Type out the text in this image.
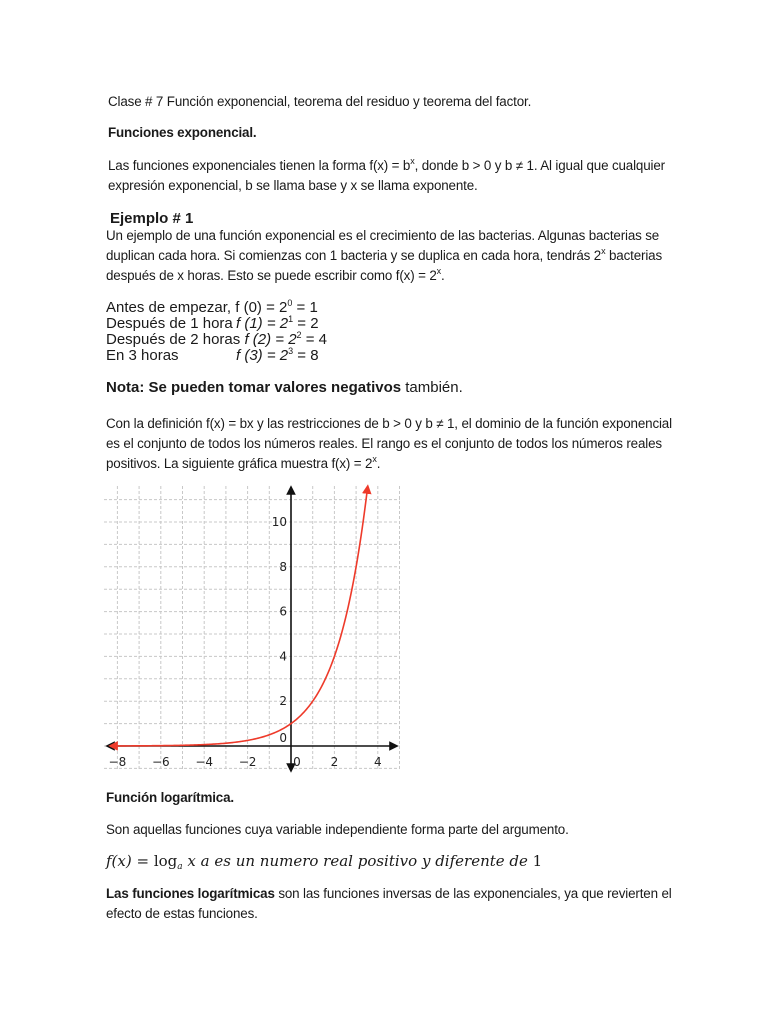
Clase # 7 Función exponencial, teorema del residuo y teorema del factor.
Funciones exponencial.
Las funciones exponenciales tienen la forma $f(x) = b^x$, donde b > 0 y b ≠ 1. Al igual que cualquier
expresión exponencial, b se llama base y x se llama exponente.
Ejemplo # 1
Un ejemplo de una función exponencial es el crecimiento de las bacterias. Algunas bacterias se
duplican cada hora. Si comienzas con 1 bacteria y se duplica en cada hora, tendrás 2$^x$ bacterias
después de x horas. Esto se puede escribir como $f(x) = 2^x$.
Antes de empezar, f $(0) = 2^0 = 1$
Después de 1 hora f $(1) = 2^1 = 2$
Después de 2 horas f $(2) = 2^2 = 4$
En 3 horas	f $(3) = 2^3 = 8$
Nota: Se pueden tomar valores negativos también.
Con la definición f(x) = bx y las restricciones de b > 0 y b ≠ 1, el dominio de la función exponencial
es el conjunto de todos los números reales. El rango es el conjunto de todos los números reales
positivos. La siguiente gráfica muestra $f(x) = 2^x$.
−8 −6 −4 −2	0 2	4
2
4
6
8
10
0
Función logarítmica.
Son aquellas funciones cuya variable independiente forma parte del argumento.
$f(x) = \log_a x$ a es un numero real positivo y diferente de 1
Las funciones logarítmicas son las funciones inversas de las exponenciales, ya que revierten el
efecto de estas funciones.
